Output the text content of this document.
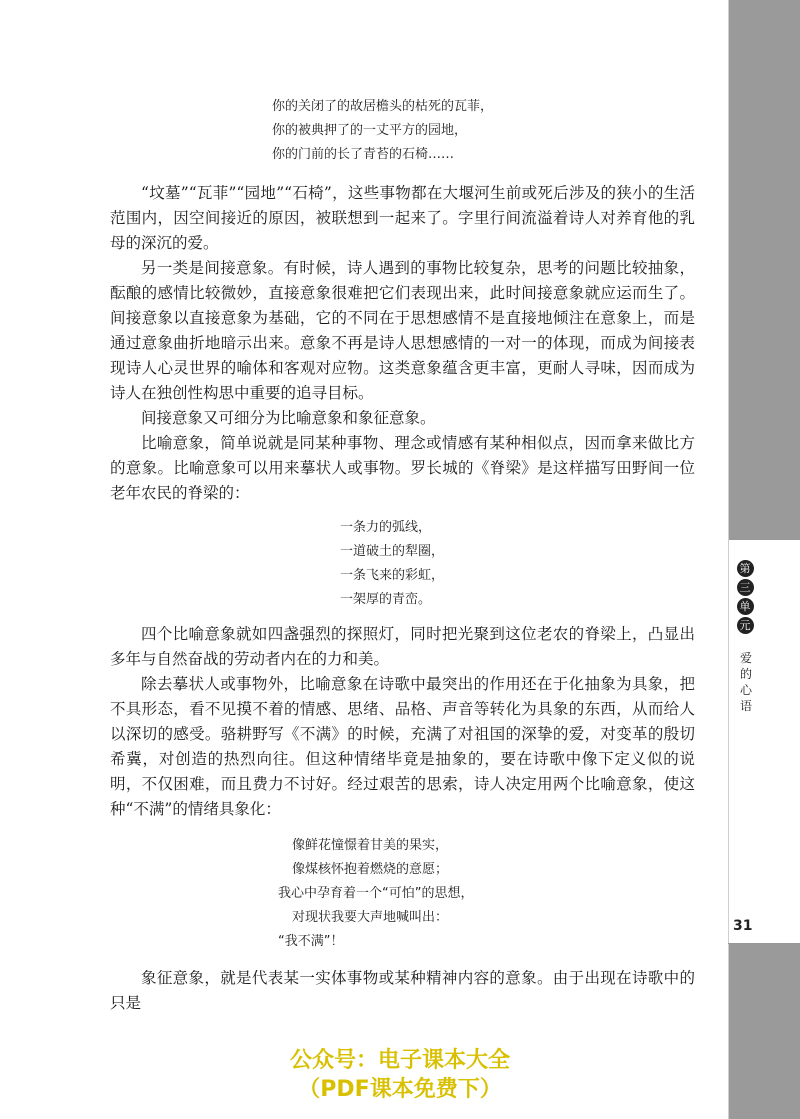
第
三
单
元
爱的心语
31
你的关闭了的故居檐头的枯死的瓦菲，
你的被典押了的一丈平方的园地，
你的门前的长了青苔的石椅……

“坟墓”“瓦菲”“园地”“石椅”，这些事物都在大堰河生前或死后涉及的狭小的生活范围内，因空间接近的原因，被联想到一起来了。字里行间流溢着诗人对养育他的乳母的深沉的爱。

另一类是间接意象。有时候，诗人遇到的事物比较复杂，思考的问题比较抽象，酝酿的感情比较微妙，直接意象很难把它们表现出来，此时间接意象就应运而生了。间接意象以直接意象为基础，它的不同在于思想感情不是直接地倾注在意象上，而是通过意象曲折地暗示出来。意象不再是诗人思想感情的一对一的体现，而成为间接表现诗人心灵世界的喻体和客观对应物。这类意象蕴含更丰富，更耐人寻味，因而成为诗人在独创性构思中重要的追寻目标。

间接意象又可细分为比喻意象和象征意象。

比喻意象，简单说就是同某种事物、理念或情感有某种相似点，因而拿来做比方的意象。比喻意象可以用来摹状人或事物。罗长城的《脊梁》是这样描写田野间一位老年农民的脊梁的：

一条力的弧线，
一道破土的犁圈，
一条飞来的彩虹，
一架厚的青峦。

四个比喻意象就如四盏强烈的探照灯，同时把光聚到这位老农的脊梁上，凸显出多年与自然奋战的劳动者内在的力和美。

除去摹状人或事物外，比喻意象在诗歌中最突出的作用还在于化抽象为具象，把不具形态，看不见摸不着的情感、思绪、品格、声音等转化为具象的东西，从而给人以深切的感受。骆耕野写《不满》的时候，充满了对祖国的深挚的爱，对变革的殷切希冀，对创造的热烈向往。但这种情绪毕竟是抽象的，要在诗歌中像下定义似的说明，不仅困难，而且费力不讨好。经过艰苦的思索，诗人决定用两个比喻意象，使这种“不满”的情绪具象化：

像鲜花憧憬着甘美的果实，
像煤核怀抱着燃烧的意愿；
我心中孕育着一个“可怕”的思想，
对现状我要大声地喊叫出：
“我不满”！

象征意象，就是代表某一实体事物或某种精神内容的意象。由于出现在诗歌中的只是

公众号：电子课本大全
（PDF课本免费下）
